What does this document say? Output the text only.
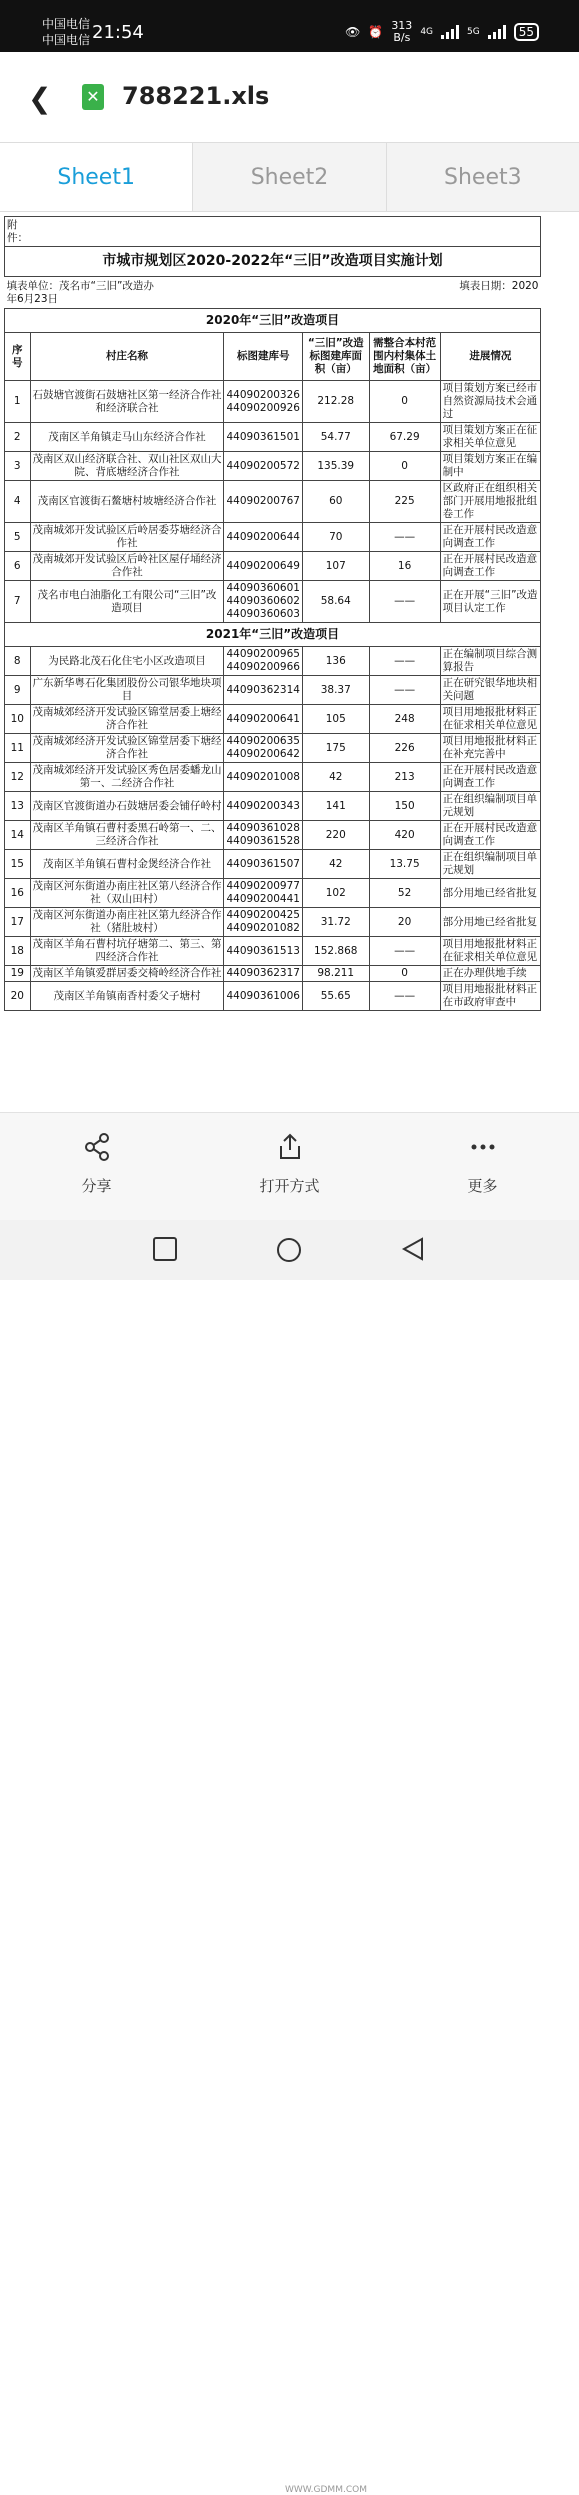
中国电信
中国电信 21:54	👁 ⏰ 313
B/s 4G	5G	55
❮ ✕ 788221.xls
Sheet1	Sheet2	Sheet3
附件：					
市城市规划区2020-2022年“三旧”改造项目实施计划					

填表单位：茂名市“三旧”改造办 填表日期：2020
年6月23日					

2020年“三旧”改造项目					
序号	村庄名称	标图建库号	“三旧”改造标图建库面积（亩）	需整合本村范围内村集体土地面积（亩）	进展情况
1	石鼓塘官渡街石鼓塘社区第一经济合作社和经济联合社	44090200326 44090200926	212.28	0	项目策划方案已经市自然资源局技术会通过
2	茂南区羊角镇走马山东经济合作社	44090361501	54.77	67.29	项目策划方案正在征求相关单位意见
3	茂南区双山经济联合社、双山社区双山大院、背底塘经济合作社	44090200572	135.39	0	项目策划方案正在编制中
4	茂南区官渡街石鳌塘村坡塘经济合作社	44090200767	60	225	区政府正在组织相关部门开展用地报批组卷工作
5	茂南城郊开发试验区后岭居委芬塘经济合作社	44090200644	70	——	正在开展村民改造意向调查工作
6	茂南城郊开发试验区后岭社区屋仔埇经济合作社	44090200649	107	16	正在开展村民改造意向调查工作
7	茂名市电白油脂化工有限公司“三旧”改造项目	44090360601 44090360602 44090360603	58.64	——	正在开展“三旧”改造项目认定工作
2021年“三旧”改造项目					
8	为民路北茂石化住宅小区改造项目	44090200965 44090200966	136	——	正在编制项目综合测算报告
9	广东新华粤石化集团股份公司银华地块项目	44090362314	38.37	——	正在研究银华地块相关问题
10	茂南城郊经济开发试验区锦堂居委上塘经济合作社	44090200641	105	248	项目用地报批材料正在征求相关单位意见
11	茂南城郊经济开发试验区锦堂居委下塘经济合作社	44090200635 44090200642	175	226	项目用地报批材料正在补充完善中
12	茂南城郊经济开发试验区秀色居委蟠龙山第一、二经济合作社	44090201008	42	213	正在开展村民改造意向调查工作
13	茂南区官渡街道办石鼓塘居委会铺仔岭村	44090200343	141	150	正在组织编制项目单元规划
14	茂南区羊角镇石曹村委黑石岭第一、二、三经济合作社	44090361028 44090361528	220	420	正在开展村民改造意向调查工作
15	茂南区羊角镇石曹村金煲经济合作社	44090361507	42	13.75	正在组织编制项目单元规划
16	茂南区河东街道办南庄社区第八经济合作社（双山田村）	44090200977 44090200441	102	52	部分用地已经省批复
17	茂南区河东街道办南庄社区第九经济合作社（猪肚坡村）	44090200425 44090201082	31.72	20	部分用地已经省批复
18	茂南区羊角石曹村坑仔塘第二、第三、第四经济合作社	44090361513	152.868	——	项目用地报批材料正在征求相关单位意见
19	茂南区羊角镇爱群居委交椅岭经济合作社	44090362317	98.211	0	正在办理供地手续
20	茂南区羊角镇南香村委父子塘村	44090361006	55.65	——	项目用地报批材料正在市政府审查中
分享	打开方式	更多
WWW.GDMM.COM
